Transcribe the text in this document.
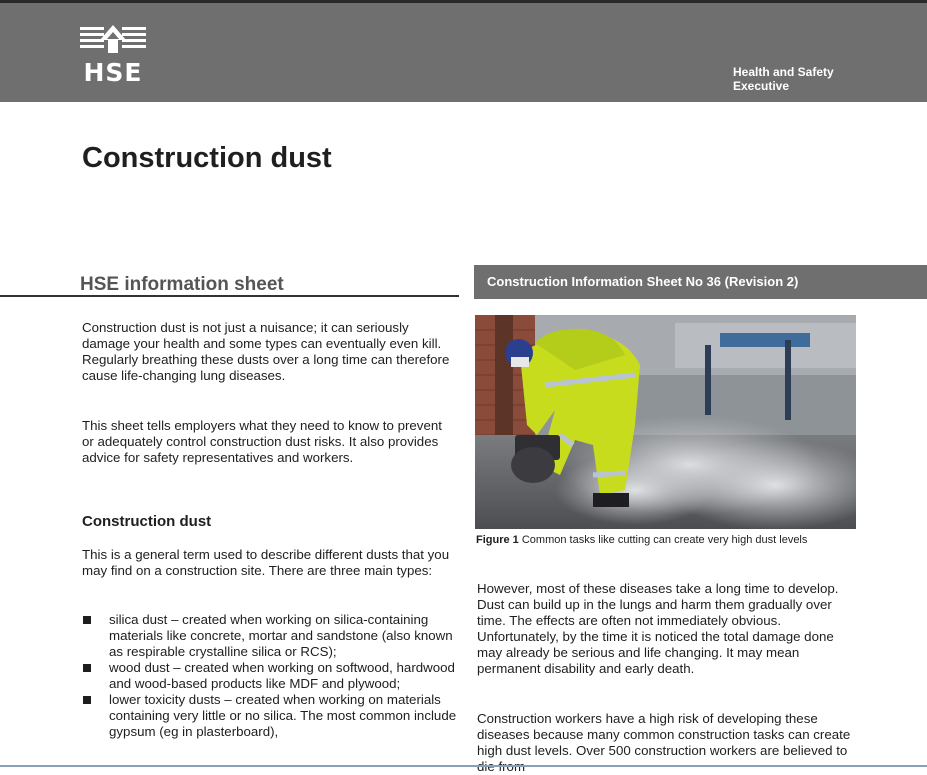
HSE	Health and Safety
Executive
Construction dust
HSE information sheet	Construction Information Sheet No 36 (Revision 2)

Construction dust is not just a nuisance; it can seriously damage your health and some types can eventually even kill. Regularly breathing these dusts over a long time can therefore cause life-changing lung diseases.

This sheet tells employers what they need to know to prevent or adequately control construction dust risks. It also provides advice for safety representatives and workers.

Construction dust

This is a general term used to describe different dusts that you may find on a construction site. There are three main types:

silica dust – created when working on silica-containing materials like concrete, mortar and sandstone (also known as respirable crystalline silica or RCS);
wood dust – created when working on softwood, hardwood and wood-based products like MDF and plywood;
lower toxicity dusts – created when working on materials containing very little or no silica. The most common include gypsum (eg in plasterboard),
Figure 1 Common tasks like cutting can create very high dust levels

However, most of these diseases take a long time to develop. Dust can build up in the lungs and harm them gradually over time. The effects are often not immediately obvious. Unfortunately, by the time it is noticed the total damage done may already be serious and life changing. It may mean permanent disability and early death.

Construction workers have a high risk of developing these diseases because many common construction tasks can create high dust levels. Over 500 construction workers are believed to
